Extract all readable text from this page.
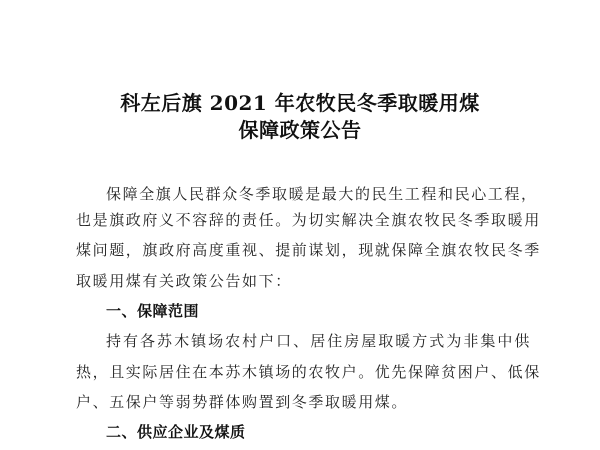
科左后旗 2021 年农牧民冬季取暖用煤
保障政策公告
保障全旗人民群众冬季取暖是最大的民生工程和民心工程，
也是旗政府义不容辞的责任。为切实解决全旗农牧民冬季取暖用
煤问题，旗政府高度重视、提前谋划，现就保障全旗农牧民冬季
取暖用煤有关政策公告如下：
一、保障范围
持有各苏木镇场农村户口、居住房屋取暖方式为非集中供
热，且实际居住在本苏木镇场的农牧户。优先保障贫困户、低保
户、五保户等弱势群体购置到冬季取暖用煤。
二、供应企业及煤质
